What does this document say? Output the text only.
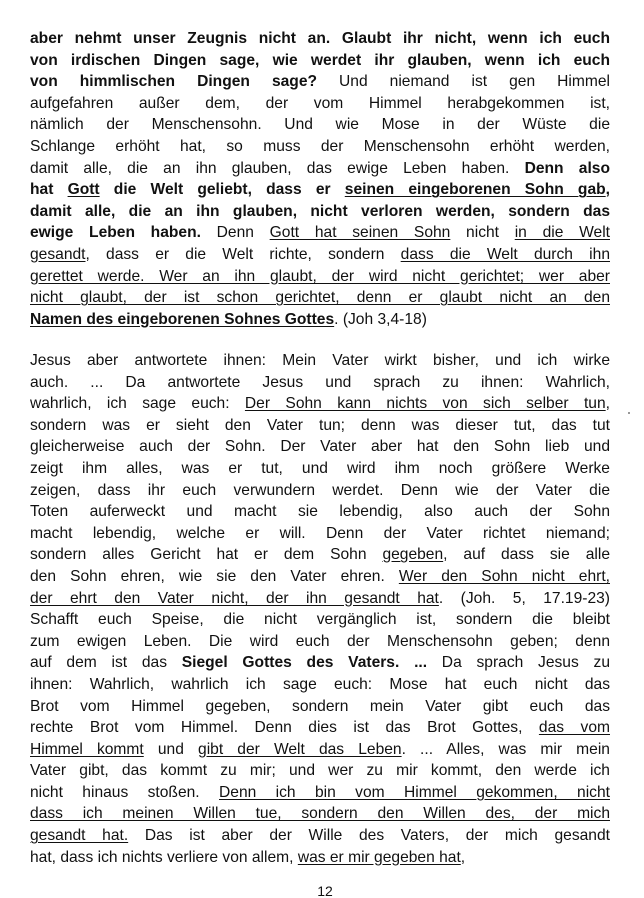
aber nehmt unser Zeugnis nicht an. Glaubt ihr nicht, wenn ich euch
von irdischen Dingen sage, wie werdet ihr glauben, wenn ich euch
von himmlischen Dingen sage? Und niemand ist gen Himmel
aufgefahren außer dem, der vom Himmel herabgekommen ist,
nämlich der Menschensohn. Und wie Mose in der Wüste die
Schlange erhöht hat, so muss der Menschensohn erhöht werden,
damit alle, die an ihn glauben, das ewige Leben haben. Denn also
hat Gott die Welt geliebt, dass er seinen eingeborenen Sohn gab,
damit alle, die an ihn glauben, nicht verloren werden, sondern das
ewige Leben haben. Denn Gott hat seinen Sohn nicht in die Welt
gesandt, dass er die Welt richte, sondern dass die Welt durch ihn
gerettet werde. Wer an ihn glaubt, der wird nicht gerichtet; wer aber
nicht glaubt, der ist schon gerichtet, denn er glaubt nicht an den
Namen des eingeborenen Sohnes Gottes. (Joh 3,4-18)
Jesus aber antwortete ihnen: Mein Vater wirkt bisher, und ich wirke
auch. ... Da antwortete Jesus und sprach zu ihnen: Wahrlich,
wahrlich, ich sage euch: Der Sohn kann nichts von sich selber tun,
sondern was er sieht den Vater tun; denn was dieser tut, das tut
gleicherweise auch der Sohn. Der Vater aber hat den Sohn lieb und
zeigt ihm alles, was er tut, und wird ihm noch größere Werke
zeigen, dass ihr euch verwundern werdet. Denn wie der Vater die
Toten auferweckt und macht sie lebendig, also auch der Sohn
macht lebendig, welche er will. Denn der Vater richtet niemand;
sondern alles Gericht hat er dem Sohn gegeben, auf dass sie alle
den Sohn ehren, wie sie den Vater ehren. Wer den Sohn nicht ehrt,
der ehrt den Vater nicht, der ihn gesandt hat. (Joh. 5, 17.19-23)
Schafft euch Speise, die nicht vergänglich ist, sondern die bleibt
zum ewigen Leben. Die wird euch der Menschensohn geben; denn
auf dem ist das Siegel Gottes des Vaters. ... Da sprach Jesus zu
ihnen: Wahrlich, wahrlich ich sage euch: Mose hat euch nicht das
Brot vom Himmel gegeben, sondern mein Vater gibt euch das
rechte Brot vom Himmel. Denn dies ist das Brot Gottes, das vom
Himmel kommt und gibt der Welt das Leben. ... Alles, was mir mein
Vater gibt, das kommt zu mir; und wer zu mir kommt, den werde ich
nicht hinaus stoßen. Denn ich bin vom Himmel gekommen, nicht
dass ich meinen Willen tue, sondern den Willen des, der mich
gesandt hat. Das ist aber der Wille des Vaters, der mich gesandt
hat, dass ich nichts verliere von allem, was er mir gegeben hat,
12
